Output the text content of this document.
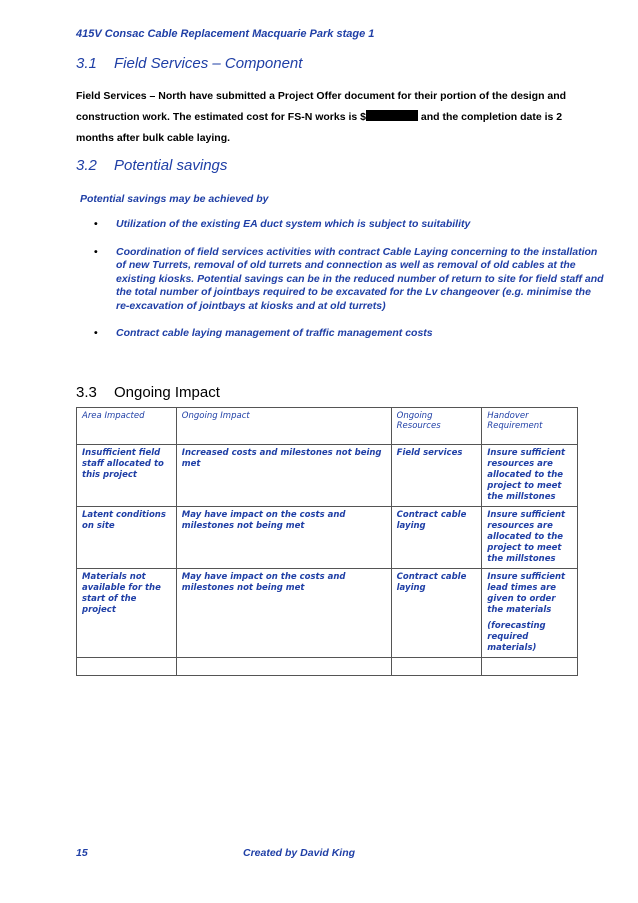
415V Consac Cable Replacement Macquarie Park stage 1
3.1 Field Services – Component
Field Services – North have submitted a Project Offer document for their portion of the design and construction work. The estimated cost for FS-N works is $	and the completion date is 2 months after bulk cable laying.
3.2 Potential savings
Potential savings may be achieved by
• Utilization of the existing EA duct system which is subject to suitability
• Coordination of field services activities with contract Cable Laying concerning to the installation of new Turrets, removal of old turrets and connection as well as removal of old cables at the existing kiosks. Potential savings can be in the reduced number of return to site for field staff and the total number of jointbays required to be excavated for the Lv changeover (e.g. minimise the re-excavation of jointbays at kiosks and at old turrets)
• Contract cable laying management of traffic management costs
3.3 Ongoing Impact
Area Impacted	Ongoing Impact	Ongoing Resources	Handover Requirement
Insufficient field staff allocated to this project	Increased costs and milestones not being met	Field services	Insure sufficient resources are allocated to the project to meet the millstones

Latent conditions on site	May have impact on the costs and milestones not being met	Contract cable laying	Insure sufficient resources are allocated to the project to meet the millstones

Materials not available for the start of the project	May have impact on the costs and milestones not being met	Contract cable laying	Insure sufficient lead times are given to order the materials
(forecasting required materials)

15	Created by David King
